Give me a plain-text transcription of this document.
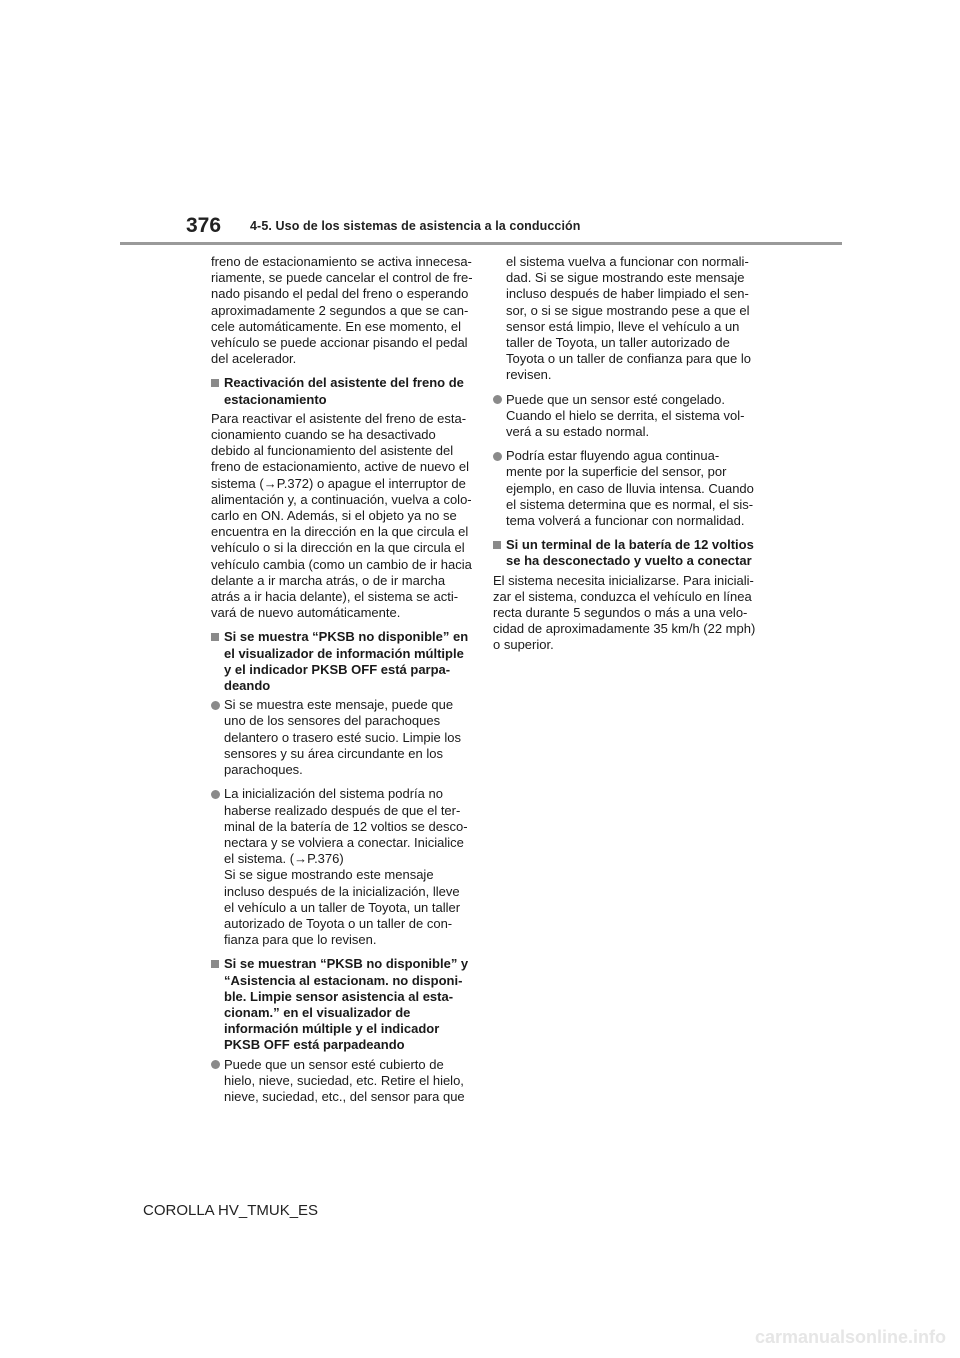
376 4-5. Uso de los sistemas de asistencia a la conducción
freno de estacionamiento se activa innecesa-
riamente, se puede cancelar el control de fre-
nado pisando el pedal del freno o esperando
aproximadamente 2 segundos a que se can-
cele automáticamente. En ese momento, el
vehículo se puede accionar pisando el pedal
del acelerador.
Reactivación del asistente del freno de
estacionamiento
Para reactivar el asistente del freno de esta-
cionamiento cuando se ha desactivado
debido al funcionamiento del asistente del
freno de estacionamiento, active de nuevo el
sistema (→P.372) o apague el interruptor de
alimentación y, a continuación, vuelva a colo-
carlo en ON. Además, si el objeto ya no se
encuentra en la dirección en la que circula el
vehículo o si la dirección en la que circula el
vehículo cambia (como un cambio de ir hacia
delante a ir marcha atrás, o de ir marcha
atrás a ir hacia delante), el sistema se acti-
vará de nuevo automáticamente.
Si se muestra “PKSB no disponible” en
el visualizador de información múltiple
y el indicador PKSB OFF está parpa-
deando
Si se muestra este mensaje, puede que
uno de los sensores del parachoques
delantero o trasero esté sucio. Limpie los
sensores y su área circundante en los
parachoques.
La inicialización del sistema podría no
haberse realizado después de que el ter-
minal de la batería de 12 voltios se desco-
nectara y se volviera a conectar. Inicialice
el sistema. (→P.376)
Si se sigue mostrando este mensaje
incluso después de la inicialización, lleve
el vehículo a un taller de Toyota, un taller
autorizado de Toyota o un taller de con-
fianza para que lo revisen.
Si se muestran “PKSB no disponible” y
“Asistencia al estacionam. no disponi-
ble. Limpie sensor asistencia al esta-
cionam.” en el visualizador de
información múltiple y el indicador
PKSB OFF está parpadeando
Puede que un sensor esté cubierto de
hielo, nieve, suciedad, etc. Retire el hielo,
nieve, suciedad, etc., del sensor para que
el sistema vuelva a funcionar con normali-
dad. Si se sigue mostrando este mensaje
incluso después de haber limpiado el sen-
sor, o si se sigue mostrando pese a que el
sensor está limpio, lleve el vehículo a un
taller de Toyota, un taller autorizado de
Toyota o un taller de confianza para que lo
revisen.
Puede que un sensor esté congelado.
Cuando el hielo se derrita, el sistema vol-
verá a su estado normal.
Podría estar fluyendo agua continua-
mente por la superficie del sensor, por
ejemplo, en caso de lluvia intensa. Cuando
el sistema determina que es normal, el sis-
tema volverá a funcionar con normalidad.
Si un terminal de la batería de 12 voltios
se ha desconectado y vuelto a conectar
El sistema necesita inicializarse. Para iniciali-
zar el sistema, conduzca el vehículo en línea
recta durante 5 segundos o más a una velo-
cidad de aproximadamente 35 km/h (22 mph)
o superior.
COROLLA HV_TMUK_ES
carmanualsonline.info
